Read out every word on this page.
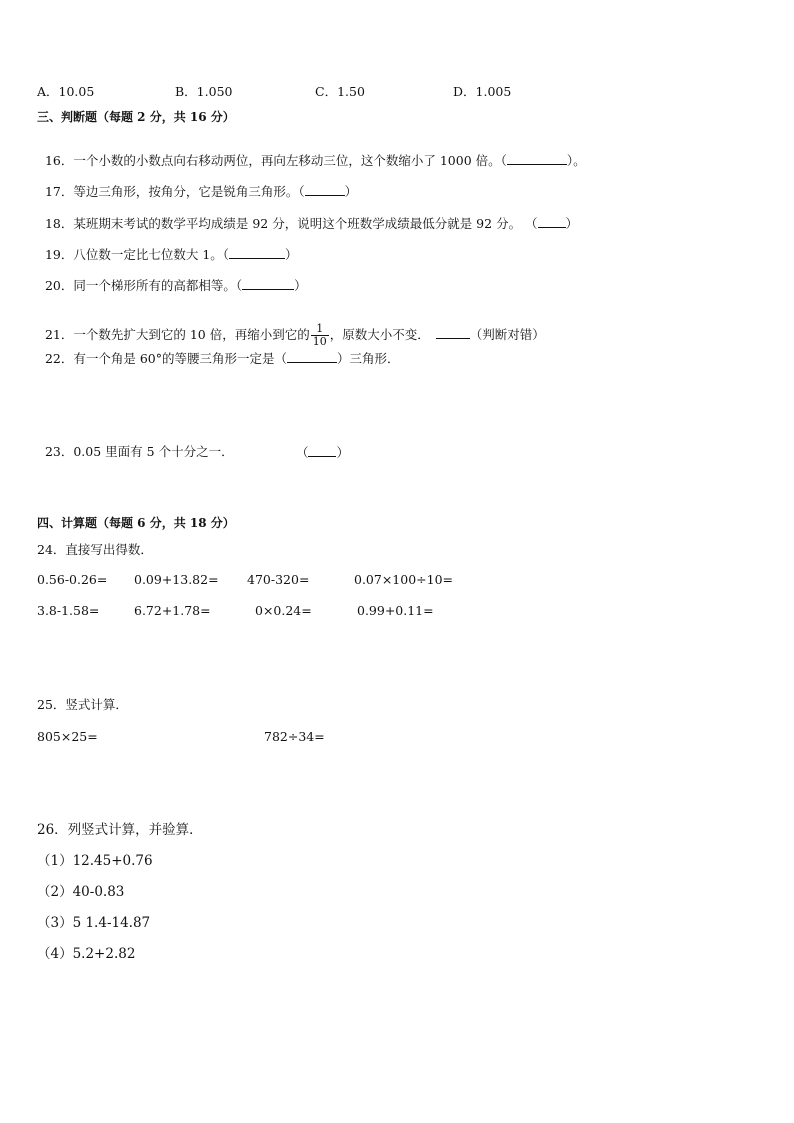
A．10.05	B．1.050	C．1.50	D．1.005
三、判断题（每题 2 分，共 16 分）

16．一个小数的小数点向右移动两位，再向左移动三位，这个数缩小了 1000 倍。（	）。

17．等边三角形，按角分，它是锐角三角形。（	）

18．某班期末考试的数学平均成绩是 92 分，说明这个班数学成绩最低分就是 92 分。 （ ）

19．八位数一定比七位数大 1。（	）

20．同一个梯形所有的高都相等。（	）

21．一个数先扩大到它的 10 倍，再缩小到它的 $\frac{1}{10}$ ，原数大小不变．	（判断对错）

22．有一个角是 60°的等腰三角形一定是（	）三角形．

23．0.05 里面有 5 个十分之一．	（ ）

四、计算题（每题 6 分，共 18 分）
24．直接写出得数．
0.56-0.26= 0.09+13.82= 470-320=	0.07×100÷10=
3.8-1.58=	6.72+1.78=	0×0.24=	0.99+0.11=
25．竖式计算．
805×25=	782÷34=
26．列竖式计算，并验算．
（1）12.45+0.76
（2）40-0.83
（3）5 1.4-14.87
（4）5.2+2.82
